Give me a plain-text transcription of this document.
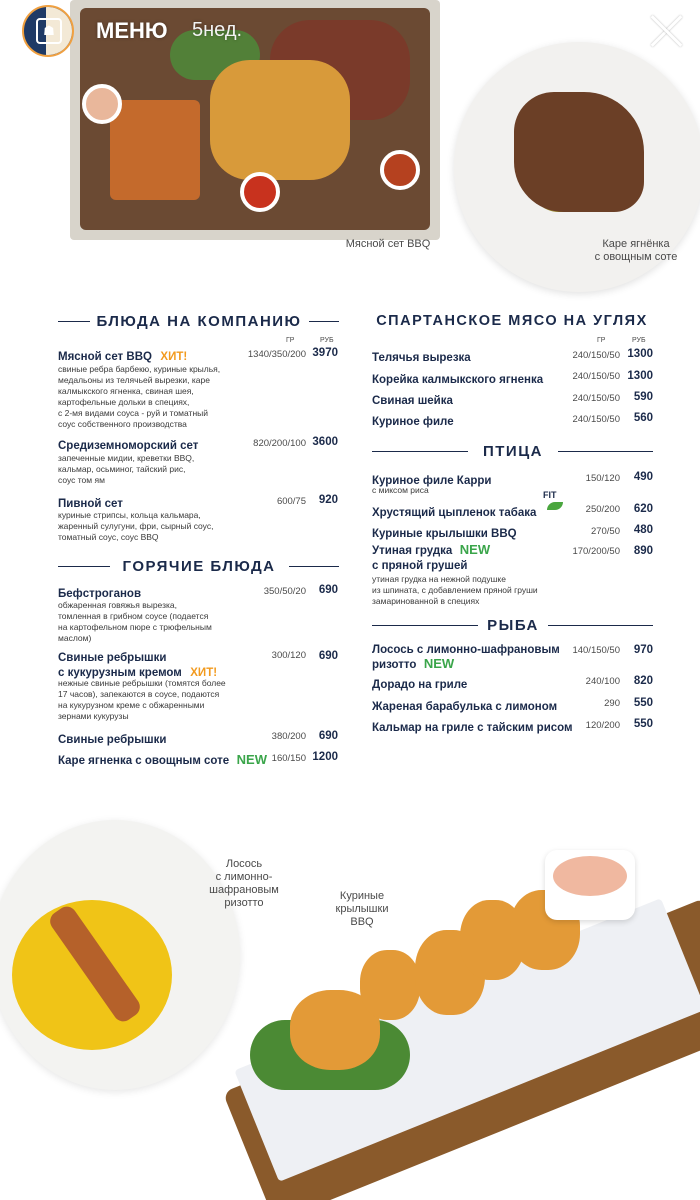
Мясной сет BBQ	Каре ягнёнка
с овощным соте
☗	МЕНЮ 5нед.
БЛЮДА НА КОМПАНИЮ
ГР	РУБ
Мясной сет BBQ ХИТ!	1340/350/200 3970
свиные ребра барбекю, куриные крылья,
медальоны из телячьей вырезки, каре
калмыкского ягненка, свиная шея,
картофельные дольки в специях,
с 2-мя видами соуса - руй и томатный
соус собственного производства
Средиземноморский сет	820/200/100 3600
запеченные мидии, креветки BBQ,
кальмар, осьминог, тайский рис,
соус том ям
Пивной сет	600/75	920
куриные стрипсы, кольца кальмара,
жаренный сулугуни, фри, сырный соус,
томатный соус, соус BBQ
ГОРЯЧИЕ БЛЮДА
Бефстроганов	350/50/20	690
обжаренная говяжья вырезка,
томленная в грибном соусе (подается
на картофельном пюре с трюфельным
маслом)
Свиные ребрышки
с кукурузным кремом ХИТ!
300/120	690
нежные свиные ребрышки (томятся более
17 часов), запекаются в соусе, подаются
на кукурузном креме с обжаренными
зернами кукурузы
Свиные ребрышки	380/200	690
Каре ягненка с овощным соте NEW 160/150 1200
СПАРТАНСКОЕ МЯСО НА УГЛЯХ
ГР	РУБ
Телячья вырезка	240/150/50 1300
Корейка калмыкского ягненка	240/150/50 1300
Свиная шейка	240/150/50	590
Куриное филе	240/150/50	560
ПТИЦА
Куриное филе Карри	150/120	490
с миксом риса	FIT
Хрустящий цыпленок табака	250/200	620
Куриные крылышки BBQ	270/50	480
Утиная грудка NEW
с пряной грушей
170/200/50	890
утиная грудка на нежной подушке
из шпината, с добавлением пряной груши
замаринованной в специях
РЫБА
Лосось с лимонно-шафрановым
ризотто NEW
140/150/50	970
Дорадо на гриле	240/100	820
Жареная барабулька с лимоном	290	550
Кальмар на гриле с тайским рисом	120/200	550
Лосось
с лимонно-шафрановым
ризотто
Куриные крылышки
BBQ
